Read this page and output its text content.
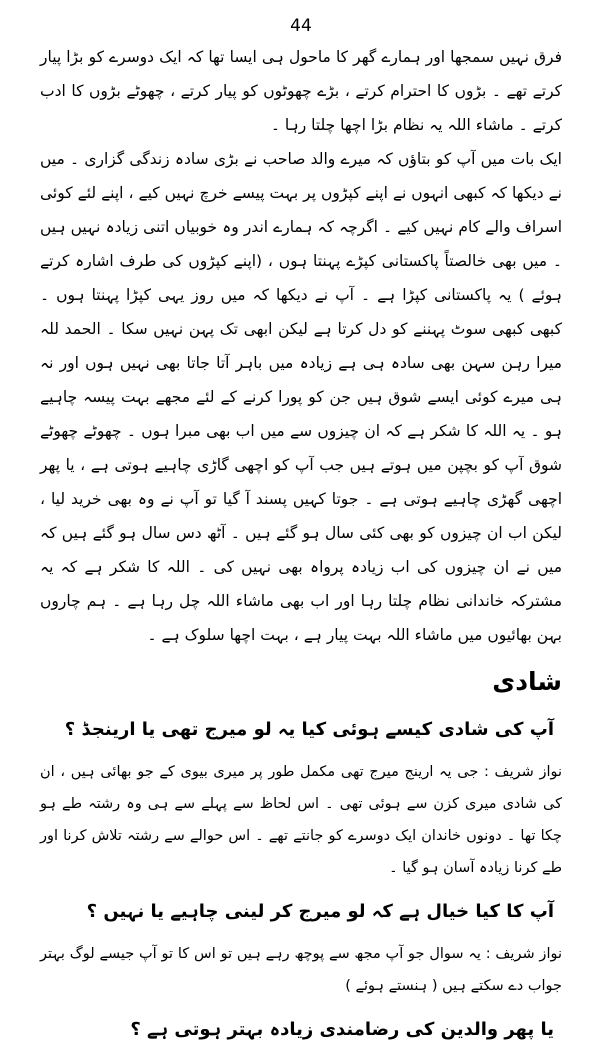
44

فرق نہیں سمجھا اور ہمارے گھر کا ماحول ہی ایسا تھا کہ ایک دوسرے کو بڑا پیار کرتے تھے ۔ بڑوں کا احترام کرتے ، بڑے چھوٹوں کو پیار کرتے ، چھوٹے بڑوں کا ادب کرتے ۔ ماشاء اللہ یہ نظام بڑا اچھا چلتا رہا ۔

ایک بات میں آپ کو بتاؤں کہ میرے والد صاحب نے بڑی سادہ زندگی گزاری ۔ میں نے دیکھا کہ کبھی انہوں نے اپنے کپڑوں پر بہت پیسے خرچ نہیں کیے ، اپنے لئے کوئی اسراف والے کام نہیں کیے ۔ اگرچہ کہ ہمارے اندر وہ خوبیاں اتنی زیادہ نہیں ہیں ۔ میں بھی خالصتاً پاکستانی کپڑے پہنتا ہوں ، (اپنے کپڑوں کی طرف اشارہ کرتے ہوئے ) یہ پاکستانی کپڑا ہے ۔ آپ نے دیکھا کہ میں روز یہی کپڑا پہنتا ہوں ۔ کبھی کبھی سوٹ پہننے کو دل کرتا ہے لیکن ابھی تک پہن نہیں سکا ۔ الحمد للہ میرا رہن سہن بھی سادہ ہی ہے زیادہ میں باہر آتا جاتا بھی نہیں ہوں اور نہ ہی میرے کوئی ایسے شوق ہیں جن کو پورا کرنے کے لئے مجھے بہت پیسہ چاہیے ہو ۔ یہ اللہ کا شکر ہے کہ ان چیزوں سے میں اب بھی مبرا ہوں ۔ چھوٹے چھوٹے شوق آپ کو بچپن میں ہوتے ہیں جب آپ کو اچھی گاڑی چاہیے ہوتی ہے ، یا پھر اچھی گھڑی چاہیے ہوتی ہے ۔ جوتا کہیں پسند آ گیا تو آپ نے وہ بھی خرید لیا ، لیکن اب ان چیزوں کو بھی کئی سال ہو گئے ہیں ۔ آٹھ دس سال ہو گئے ہیں کہ میں نے ان چیزوں کی اب زیادہ پرواہ بھی نہیں کی ۔ اللہ کا شکر ہے کہ یہ مشترکہ خاندانی نظام چلتا رہا اور اب بھی ماشاء اللہ چل رہا ہے ۔ ہم چاروں بہن بھائیوں میں ماشاء اللہ بہت پیار ہے ، بہت اچھا سلوک ہے ۔

شادی
آپ کی شادی کیسے ہوئی کیا یہ لو میرج تھی یا ارینجڈ ؟

نواز شریف : جی یہ ارینج میرج تھی مکمل طور پر میری بیوی کے جو بھائی ہیں ، ان کی شادی میری کزن سے ہوئی تھی ۔ اس لحاظ سے پہلے سے ہی وہ رشتہ طے ہو چکا تھا ۔ دونوں خاندان ایک دوسرے کو جانتے تھے ۔ اس حوالے سے رشتہ تلاش کرنا اور طے کرنا زیادہ آسان ہو گیا ۔

آپ کا کیا خیال ہے کہ لو میرج کر لینی چاہیے یا نہیں ؟

نواز شریف : یہ سوال جو آپ مجھ سے پوچھ رہے ہیں تو اس کا تو آپ جیسے لوگ بہتر جواب دے سکتے ہیں ( ہنستے ہوئے )

یا پھر والدین کی رضامندی زیادہ بہتر ہوتی ہے ؟
